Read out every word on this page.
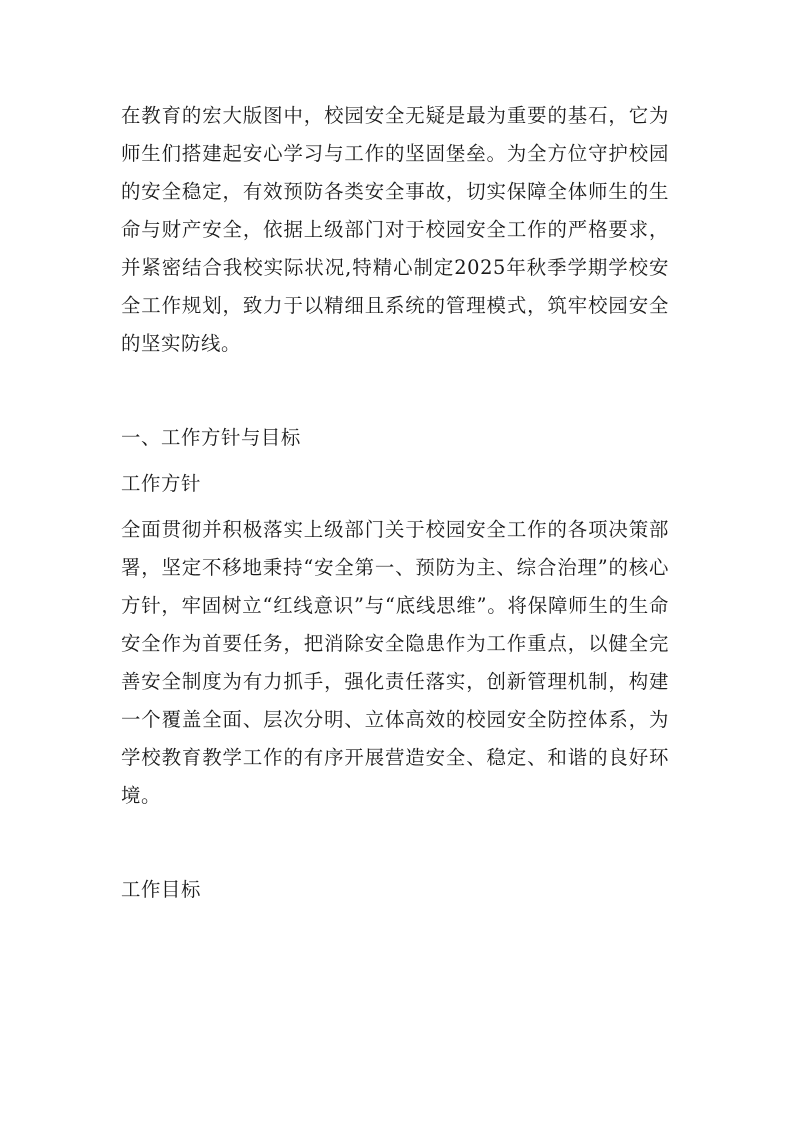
在教育的宏大版图中，校园安全无疑是最为重要的基石，它为师生们搭建起安心学习与工作的坚固堡垒。为全方位守护校园的安全稳定，有效预防各类安全事故，切实保障全体师生的生命与财产安全，依据上级部门对于校园安全工作的严格要求，并紧密结合我校实际状况,特精心制定2025年秋季学期学校安全工作规划，致力于以精细且系统的管理模式，筑牢校园安全的坚实防线。

一、工作方针与目标

工作方针

全面贯彻并积极落实上级部门关于校园安全工作的各项决策部署，坚定不移地秉持“安全第一、预防为主、综合治理”的核心方针，牢固树立“红线意识”与“底线思维”。将保障师生的生命安全作为首要任务，把消除安全隐患作为工作重点，以健全完善安全制度为有力抓手，强化责任落实，创新管理机制，构建一个覆盖全面、层次分明、立体高效的校园安全防控体系，为学校教育教学工作的有序开展营造安全、稳定、和谐的良好环境。

工作目标
